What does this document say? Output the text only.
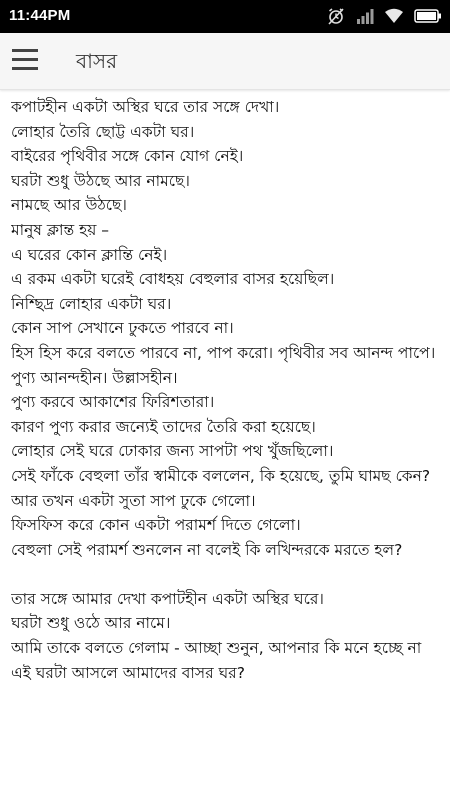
11:44PM
বাসর

কপাটহীন একটা অস্থির ঘরে তার সঙ্গে দেখা।

লোহার তৈরি ছোট্ট একটা ঘর।

বাইরের পৃথিবীর সঙ্গে কোন যোগ নেই।

ঘরটা শুধু উঠছে আর নামছে।

নামছে আর উঠছে।

মানুষ ক্লান্ত হয় –

এ ঘরের কোন ক্লান্তি নেই।

এ রকম একটা ঘরেই বোধহয় বেহুলার বাসর হয়েছিল।

নিশ্ছিদ্র লোহার একটা ঘর।

কোন সাপ সেখানে ঢুকতে পারবে না।

হিস হিস করে বলতে পারবে না, পাপ করো। পৃথিবীর সব আনন্দ পাপে।

পুণ্য আনন্দহীন। উল্লাসহীন।

পুণ্য করবে আকাশের ফিরিশতারা।

কারণ পুণ্য করার জন্যেই তাদের তৈরি করা হয়েছে।

লোহার সেই ঘরে ঢোকার জন্য সাপটা পথ খুঁজছিলো।

সেই ফাঁকে বেহুলা তাঁর স্বামীকে বললেন, কি হয়েছে, তুমি ঘামছ কেন?

আর তখন একটা সুতা সাপ ঢুকে গেলো।

ফিসফিস করে কোন একটা পরামর্শ দিতে গেলো।

বেহুলা সেই পরামর্শ শুনলেন না বলেই কি লখিন্দরকে মরতে হল?

তার সঙ্গে আমার দেখা কপাটহীন একটা অস্থির ঘরে।

ঘরটা শুধু ওঠে আর নামে।

আমি তাকে বলতে গেলাম - আচ্ছা শুনুন, আপনার কি মনে হচ্ছে না

এই ঘরটা আসলে আমাদের বাসর ঘর?
